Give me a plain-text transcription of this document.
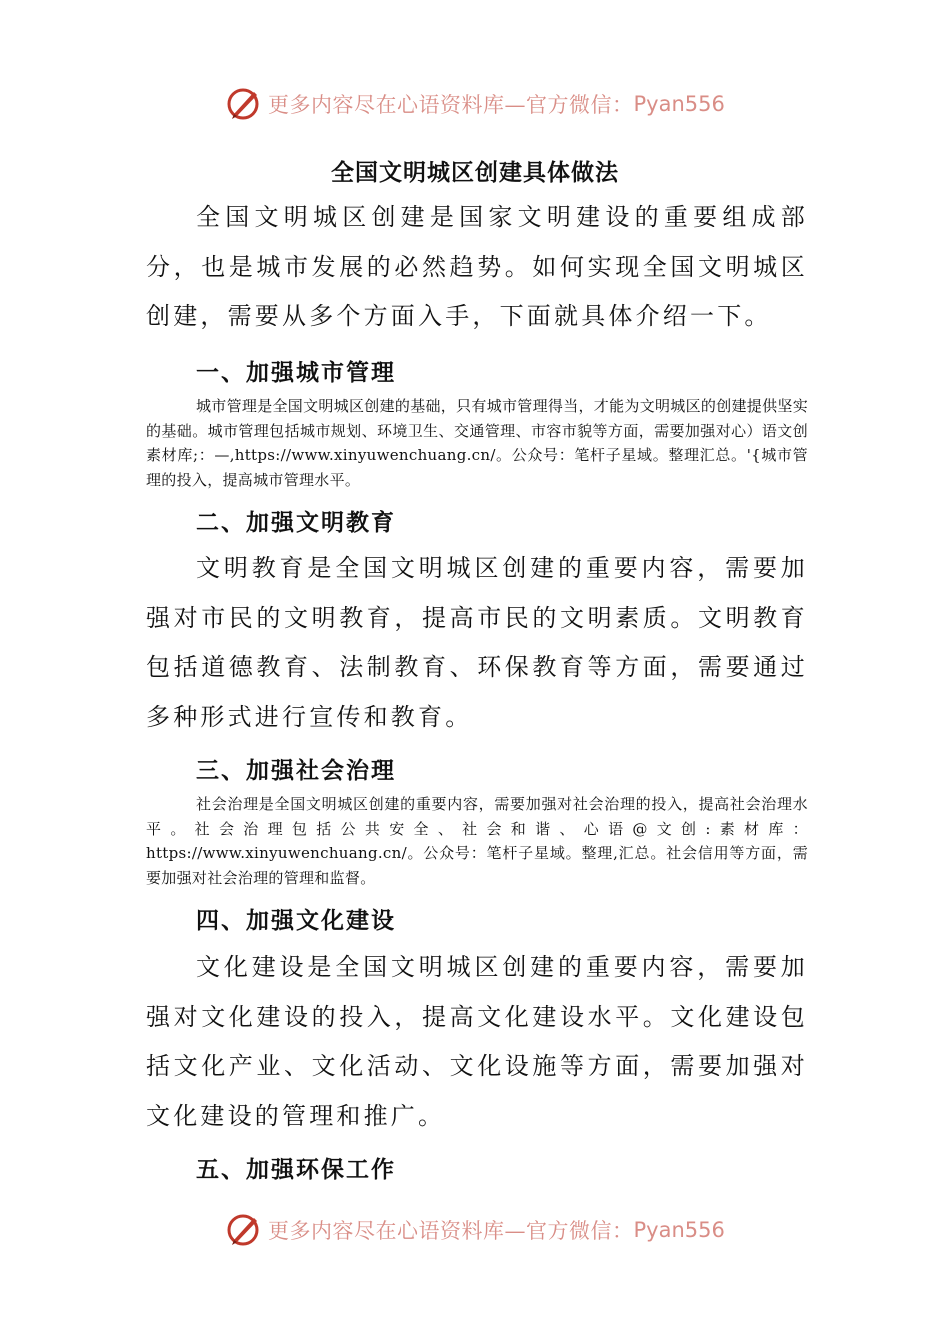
更多内容尽在心语资料库—官方微信： Pyan556
全国文明城区创建具体做法

全国文明城区创建是国家文明建设的重要组成部分，也是城市发展的必然趋势。如何实现全国文明城区创建，需要从多个方面入手，下面就具体介绍一下。

一、加强城市管理

城市管理是全国文明城区创建的基础，只有城市管理得当，才能为文明城区的创建提供坚实的基础。城市管理包括城市规划、环境卫生、交通管理、市容市貌等方面，需要加强对心）语文创素材库;：—,https://www.xinyuwenchuang.cn/。公众号：笔杆子星域。整理汇总。'{城市管理的投入，提高城市管理水平。

二、加强文明教育

文明教育是全国文明城区创建的重要内容，需要加强对市民的文明教育，提高市民的文明素质。文明教育包括道德教育、法制教育、环保教育等方面，需要通过多种形式进行宣传和教育。

三、加强社会治理

社会治理是全国文明城区创建的重要内容，需要加强对社会治理的投入，提高社会治理水平。社会治理包括公共安全、社会和谐、心语@文创:素材库：https://www.xinyuwenchuang.cn/。公众号：笔杆子星域。整理,汇总。社会信用等方面，需要加强对社会治理的管理和监督。

四、加强文化建设

文化建设是全国文明城区创建的重要内容，需要加强对文化建设的投入，提高文化建设水平。文化建设包括文化产业、文化活动、文化设施等方面，需要加强对文化建设的管理和推广。

五、加强环保工作
更多内容尽在心语资料库—官方微信： Pyan556
